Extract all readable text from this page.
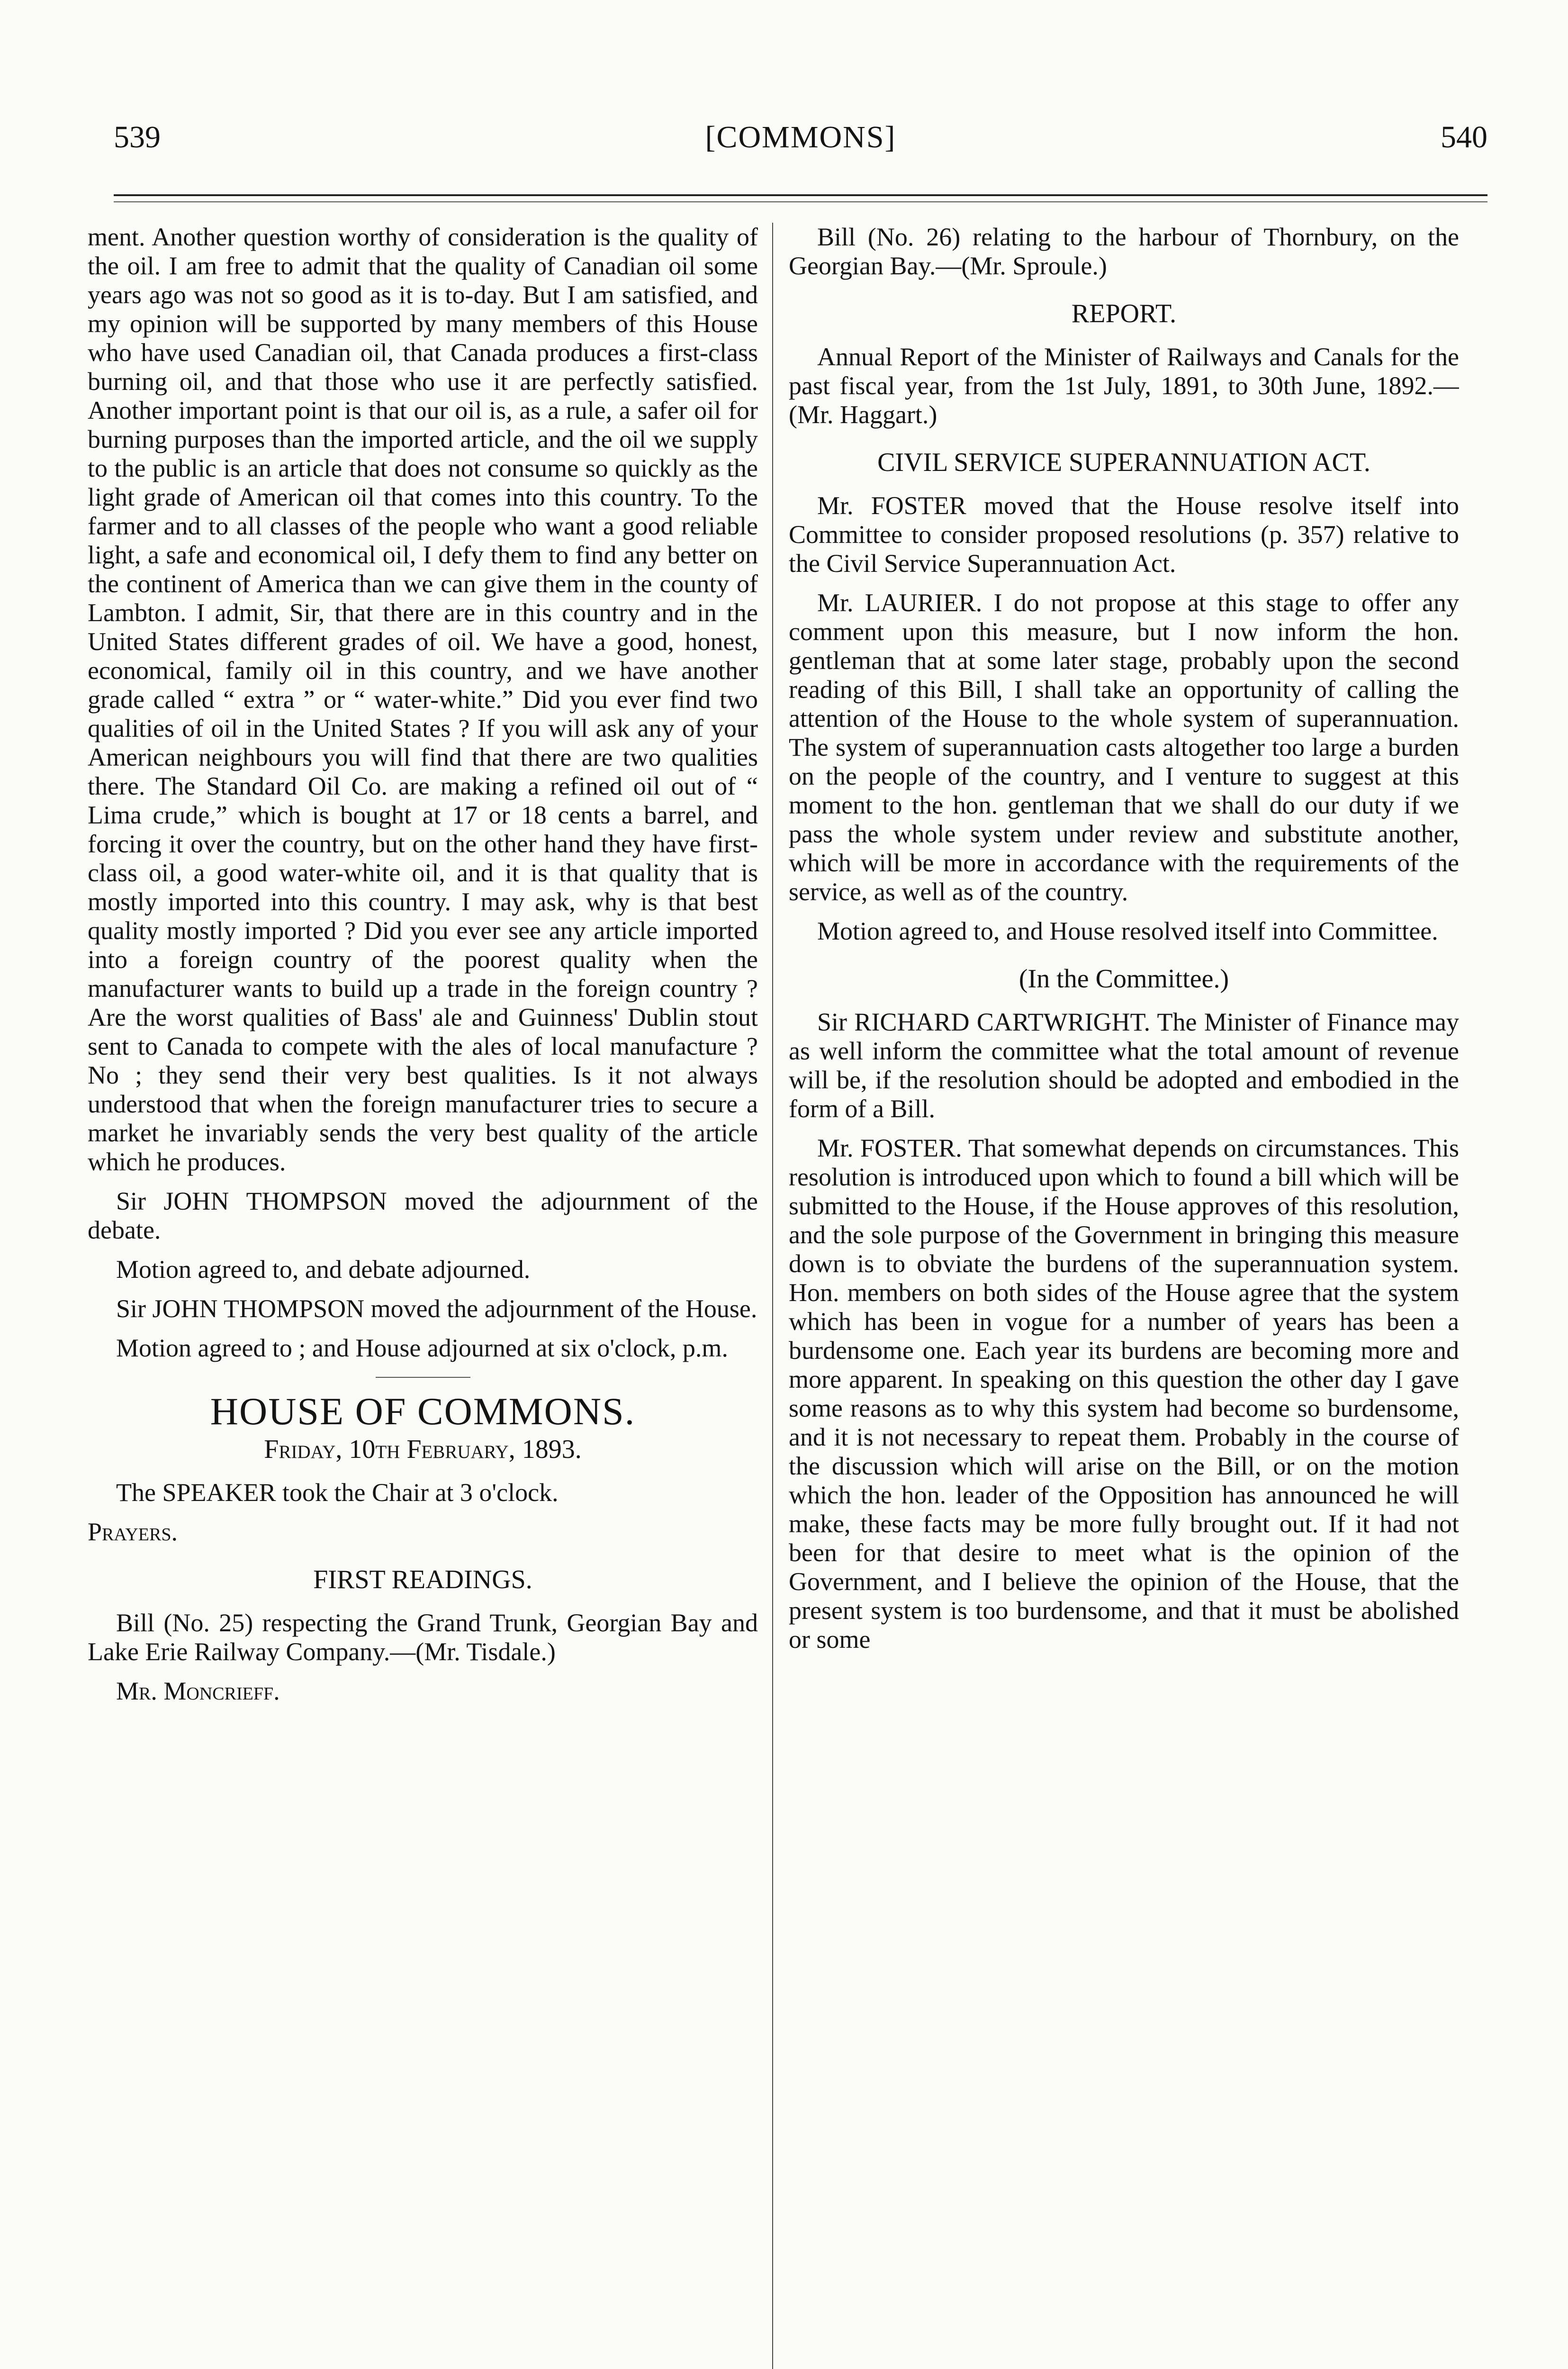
539	[COMMONS]	540

ment. Another question worthy of consideration is the quality of the oil. I am free to admit that the quality of Canadian oil some years ago was not so good as it is to-day. But I am satisfied, and my opinion will be supported by many members of this House who have used Canadian oil, that Canada produces a first-class burning oil, and that those who use it are perfectly satisfied. Another important point is that our oil is, as a rule, a safer oil for burning purposes than the imported article, and the oil we supply to the public is an article that does not consume so quickly as the light grade of American oil that comes into this country. To the farmer and to all classes of the people who want a good reliable light, a safe and economical oil, I defy them to find any better on the continent of America than we can give them in the county of Lambton. I admit, Sir, that there are in this country and in the United States different grades of oil. We have a good, honest, economical, family oil in this country, and we have another grade called “ extra ” or “ water-white.” Did you ever find two qualities of oil in the United States ? If you will ask any of your American neighbours you will find that there are two qualities there. The Standard Oil Co. are making a refined oil out of “ Lima crude,” which is bought at 17 or 18 cents a barrel, and forcing it over the country, but on the other hand they have first-class oil, a good water-white oil, and it is that quality that is mostly imported into this country. I may ask, why is that best quality mostly imported ? Did you ever see any article imported into a foreign country of the poorest quality when the manufacturer wants to build up a trade in the foreign country ? Are the worst qualities of Bass' ale and Guinness' Dublin stout sent to Canada to compete with the ales of local manufacture ? No ; they send their very best qualities. Is it not always understood that when the foreign manufacturer tries to secure a market he invariably sends the very best quality of the article which he produces.

Sir JOHN THOMPSON moved the adjournment of the debate.

Motion agreed to, and debate adjourned.

Sir JOHN THOMPSON moved the adjournment of the House.

Motion agreed to ; and House adjourned at six o'clock, p.m.

HOUSE OF COMMONS.
Friday, 10th February, 1893.

The SPEAKER took the Chair at 3 o'clock.

Prayers.

FIRST READINGS.

Bill (No. 25) respecting the Grand Trunk, Georgian Bay and Lake Erie Railway Company.—(Mr. Tisdale.)

Mr. Moncrieff.

Bill (No. 26) relating to the harbour of Thornbury, on the Georgian Bay.—(Mr. Sproule.)

REPORT.

Annual Report of the Minister of Railways and Canals for the past fiscal year, from the 1st July, 1891, to 30th June, 1892.—(Mr. Haggart.)

CIVIL SERVICE SUPERANNUATION ACT.

Mr. FOSTER moved that the House resolve itself into Committee to consider proposed resolutions (p. 357) relative to the Civil Service Superannuation Act.

Mr. LAURIER. I do not propose at this stage to offer any comment upon this measure, but I now inform the hon. gentleman that at some later stage, probably upon the second reading of this Bill, I shall take an opportunity of calling the attention of the House to the whole system of superannuation. The system of superannuation casts altogether too large a burden on the people of the country, and I venture to suggest at this moment to the hon. gentleman that we shall do our duty if we pass the whole system under review and substitute another, which will be more in accordance with the requirements of the service, as well as of the country.

Motion agreed to, and House resolved itself into Committee.

(In the Committee.)

Sir RICHARD CARTWRIGHT. The Minister of Finance may as well inform the committee what the total amount of revenue will be, if the resolution should be adopted and embodied in the form of a Bill.

Mr. FOSTER. That somewhat depends on circumstances. This resolution is introduced upon which to found a bill which will be submitted to the House, if the House approves of this resolution, and the sole purpose of the Government in bringing this measure down is to obviate the burdens of the superannuation system. Hon. members on both sides of the House agree that the system which has been in vogue for a number of years has been a burdensome one. Each year its burdens are becoming more and more apparent. In speaking on this question the other day I gave some reasons as to why this system had become so burdensome, and it is not necessary to repeat them. Probably in the course of the discussion which will arise on the Bill, or on the motion which the hon. leader of the Opposition has announced he will make, these facts may be more fully brought out. If it had not been for that desire to meet what is the opinion of the Government, and I believe the opinion of the House, that the present system is too burdensome, and that it must be abolished or some
